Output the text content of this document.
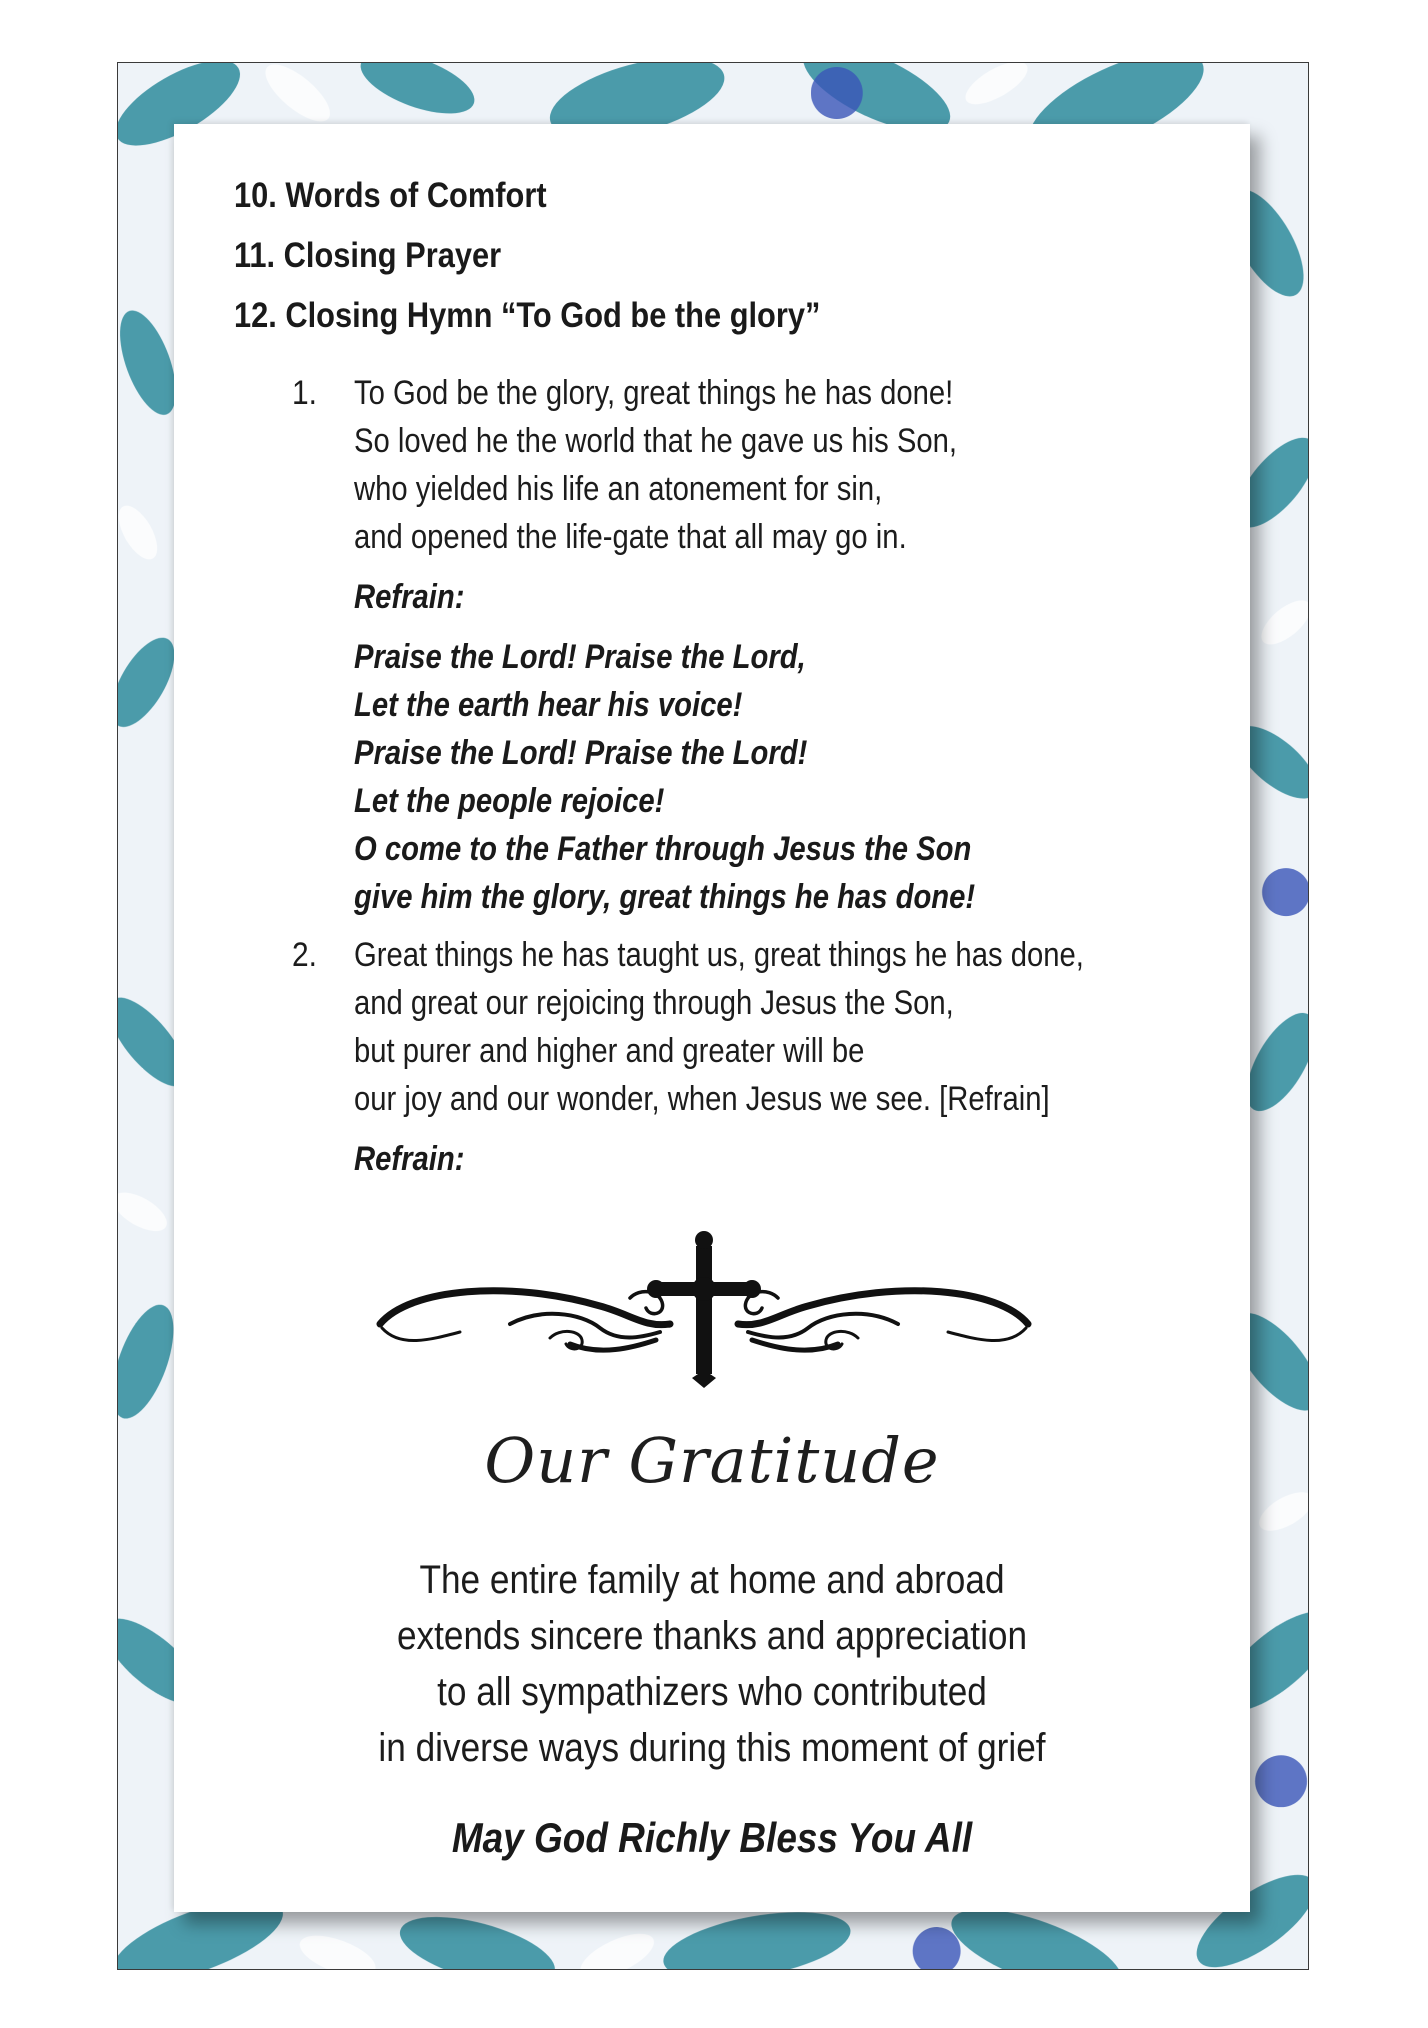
10. Words of Comfort
11. Closing Prayer
12. Closing Hymn “To God be the glory”
1. To God be the glory, great things he has done!
So loved he the world that he gave us his Son,
who yielded his life an atonement for sin,
and opened the life-gate that all may go in.
Refrain:
Praise the Lord! Praise the Lord,
Let the earth hear his voice!
Praise the Lord! Praise the Lord!
Let the people rejoice!
O come to the Father through Jesus the Son
give him the glory, great things he has done!
2. Great things he has taught us, great things he has done,
and great our rejoicing through Jesus the Son,
but purer and higher and greater will be
our joy and our wonder, when Jesus we see. [Refrain]
Refrain:
Our Gratitude
The entire family at home and abroad
extends sincere thanks and appreciation
to all sympathizers who contributed
in diverse ways during this moment of grief
May God Richly Bless You All
